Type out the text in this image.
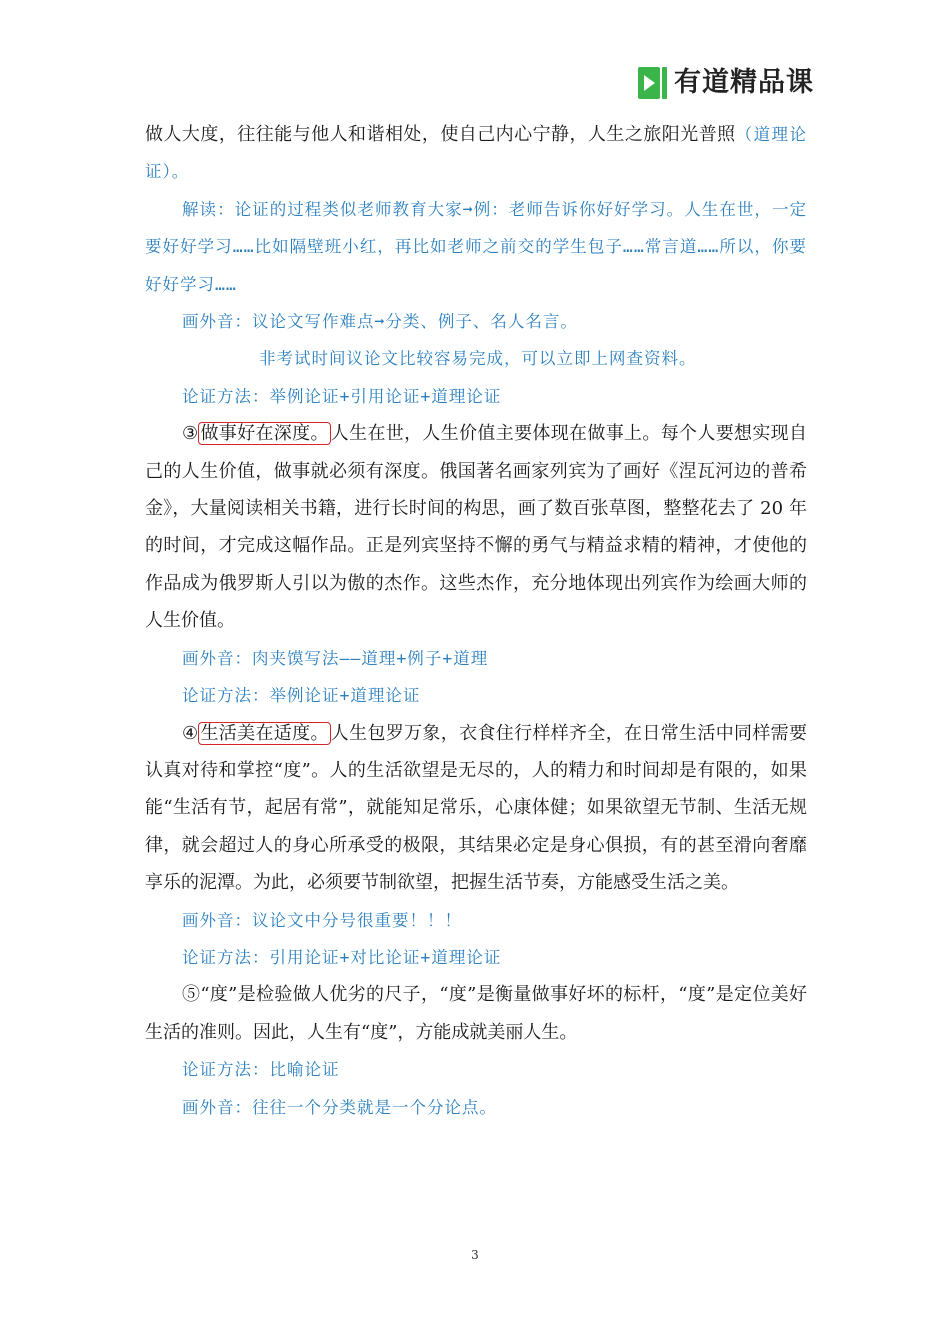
有道精品课

做人大度，往往能与他人和谐相处，使自己内心宁静，人生之旅阳光普照（道理论证）。

解读：论证的过程类似老师教育大家➞例：老师告诉你好好学习。人生在世，一定要好好学习……比如隔壁班小红，再比如老师之前交的学生包子……常言道……所以，你要好好学习……

画外音：议论文写作难点➞分类、例子、名人名言。

非考试时间议论文比较容易完成，可以立即上网查资料。

论证方法：举例论证+引用论证+道理论证

③ 做事好在深度。 人生在世，人生价值主要体现在做事上。每个人要想实现自己的人生价值，做事就必须有深度。俄国著名画家列宾为了画好《涅瓦河边的普希金》，大量阅读相关书籍，进行长时间的构思，画了数百张草图，整整花去了 20 年的时间，才完成这幅作品。正是列宾坚持不懈的勇气与精益求精的精神，才使他的作品成为俄罗斯人引以为傲的杰作。这些杰作，充分地体现出列宾作为绘画大师的人生价值。

画外音：肉夹馍写法——道理+例子+道理

论证方法：举例论证+道理论证

④ 生活美在适度。 人生包罗万象，衣食住行样样齐全，在日常生活中同样需要认真对待和掌控“度”。人的生活欲望是无尽的，人的精力和时间却是有限的，如果能“生活有节，起居有常”，就能知足常乐，心康体健；如果欲望无节制、生活无规律，就会超过人的身心所承受的极限，其结果必定是身心俱损，有的甚至滑向奢靡享乐的泥潭。为此，必须要节制欲望，把握生活节奏，方能感受生活之美。

画外音：议论文中分号很重要！！！

论证方法：引用论证+对比论证+道理论证

⑤“度”是检验做人优劣的尺子，“度”是衡量做事好坏的标杆，“度”是定位美好生活的准则。因此，人生有“度”，方能成就美丽人生。

论证方法：比喻论证

画外音：往往一个分类就是一个分论点。

3
